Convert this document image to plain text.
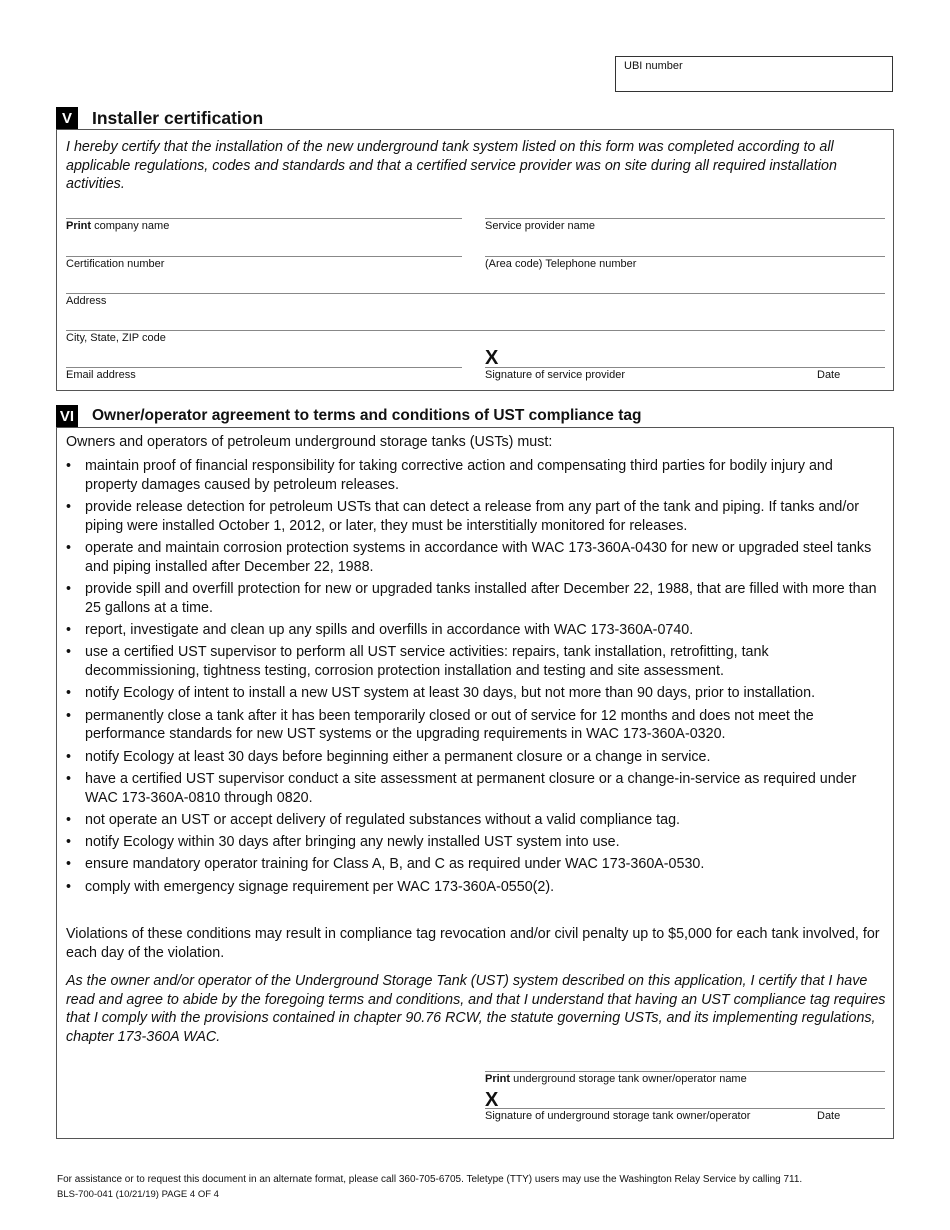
UBI number
V	Installer certification

I hereby certify that the installation of the new underground tank system listed on this form was completed according to all applicable regulations, codes and standards and that a certified service provider was on site during all required installation activities.

Print company name	Service provider name
Certification number	(Area code) Telephone number
Address
City, State, ZIP code
X
Email address	Signature of service provider	Date
VI Owner/operator agreement to terms and conditions of UST compliance tag

Owners and operators of petroleum underground storage tanks (USTs) must:

• maintain proof of financial responsibility for taking corrective action and compensating third parties for bodily injury and property damages caused by petroleum releases.
• provide release detection for petroleum USTs that can detect a release from any part of the tank and piping. If tanks and/or piping were installed October 1, 2012, or later, they must be interstitially monitored for releases.
• operate and maintain corrosion protection systems in accordance with WAC 173-360A-0430 for new or upgraded steel tanks and piping installed after December 22, 1988.
• provide spill and overfill protection for new or upgraded tanks installed after December 22, 1988, that are filled with more than 25 gallons at a time.
• report, investigate and clean up any spills and overfills in accordance with WAC 173-360A-0740.
• use a certified UST supervisor to perform all UST service activities: repairs, tank installation, retrofitting, tank decommissioning, tightness testing, corrosion protection installation and testing and site assessment.
• notify Ecology of intent to install a new UST system at least 30 days, but not more than 90 days, prior to installation.
• permanently close a tank after it has been temporarily closed or out of service for 12 months and does not meet the performance standards for new UST systems or the upgrading requirements in WAC 173-360A-0320.
• notify Ecology at least 30 days before beginning either a permanent closure or a change in service.
• have a certified UST supervisor conduct a site assessment at permanent closure or a change-in-service as required under WAC 173-360A-0810 through 0820.
• not operate an UST or accept delivery of regulated substances without a valid compliance tag.
• notify Ecology within 30 days after bringing any newly installed UST system into use.
• ensure mandatory operator training for Class A, B, and C as required under WAC 173-360A-0530.
• comply with emergency signage requirement per WAC 173-360A-0550(2).

Violations of these conditions may result in compliance tag revocation and/or civil penalty up to $5,000 for each tank involved, for each day of the violation.

As the owner and/or operator of the Underground Storage Tank (UST) system described on this application, I certify that I have read and agree to abide by the foregoing terms and conditions, and that I understand that having an UST compliance tag requires that I comply with the provisions contained in chapter 90.76 RCW, the statute governing USTs, and its implementing regulations, chapter 173-360A WAC.

Print underground storage tank owner/operator name
X
Signature of underground storage tank owner/operator	Date
For assistance or to request this document in an alternate format, please call 360-705-6705. Teletype (TTY) users may use the Washington Relay Service by calling 711.
BLS-700-041 (10/21/19) PAGE 4 OF 4
